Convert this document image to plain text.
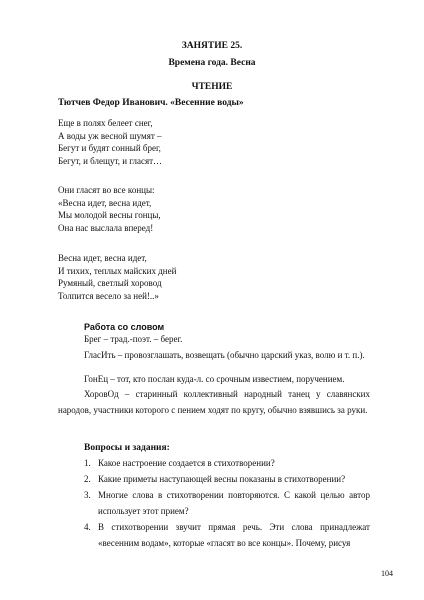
ЗАНЯТИЕ 25.
Времена года. Весна
ЧТЕНИЕ
Тютчев Федор Иванович. «Весенние воды»
Еще в полях белеет снег,
А воды уж весной шумят –
Бегут и будят сонный брег,
Бегут, и блещут, и гласят…
Они гласят во все концы:
«Весна идет, весна идет,
Мы молодой весны гонцы,
Она нас выслала вперед!
Весна идет, весна идет,
И тихих, теплых майских дней
Румяный, светлый хоровод
Толпится весело за ней!..»
Работа со словом
Брег – трад.-поэт. – берег.
ГласИть – провозглашать, возвещать (обычно царский указ, волю и т. п.).
ГонЕц – тот, кто послан куда-л. со срочным известием, поручением.
ХоровОд – старинный коллективный народный танец у славянских народов, участники которого с пением ходят по кругу, обычно взявшись за руки.
Вопросы и задания:
1. Какое настроение создается в стихотворении?
2. Какие приметы наступающей весны показаны в стихотворении?
3. Многие слова в стихотворении повторяются. С какой целью автор использует этот прием?
4. В стихотворении звучит прямая речь. Эти слова принадлежат «весенним водам», которые «гласят во все концы». Почему, рисуя
104
